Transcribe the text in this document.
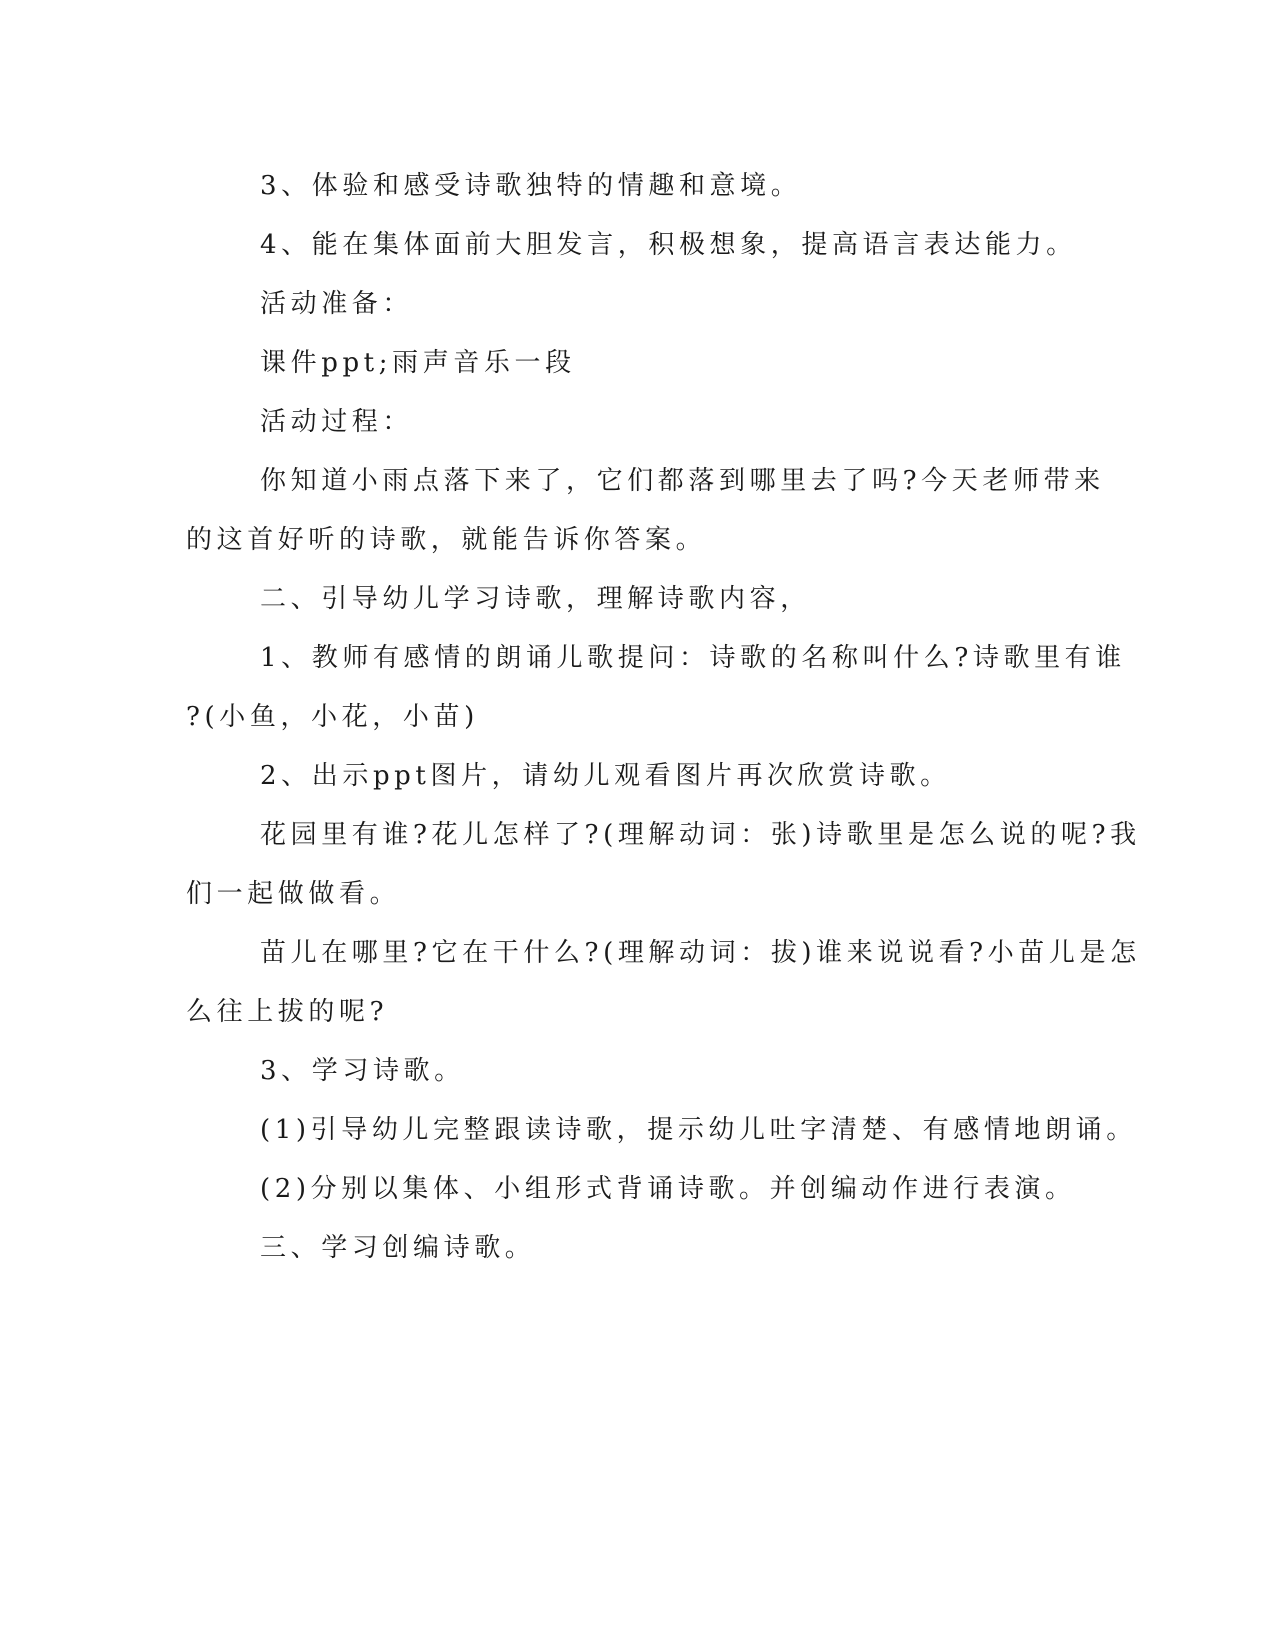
3、体验和感受诗歌独特的情趣和意境。
4、能在集体面前大胆发言，积极想象，提高语言表达能力。
活动准备：
课件ppt;雨声音乐一段
活动过程：
你知道小雨点落下来了，它们都落到哪里去了吗?今天老师带来
的这首好听的诗歌，就能告诉你答案。
二、引导幼儿学习诗歌，理解诗歌内容，
1、教师有感情的朗诵儿歌提问：诗歌的名称叫什么?诗歌里有谁
?(小鱼，小花，小苗)
2、出示ppt图片，请幼儿观看图片再次欣赏诗歌。
花园里有谁?花儿怎样了?(理解动词：张)诗歌里是怎么说的呢?我
们一起做做看。
苗儿在哪里?它在干什么?(理解动词：拔)谁来说说看?小苗儿是怎
么往上拔的呢?
3、学习诗歌。
(1)引导幼儿完整跟读诗歌，提示幼儿吐字清楚、有感情地朗诵。
(2)分别以集体、小组形式背诵诗歌。并创编动作进行表演。
三、学习创编诗歌。
